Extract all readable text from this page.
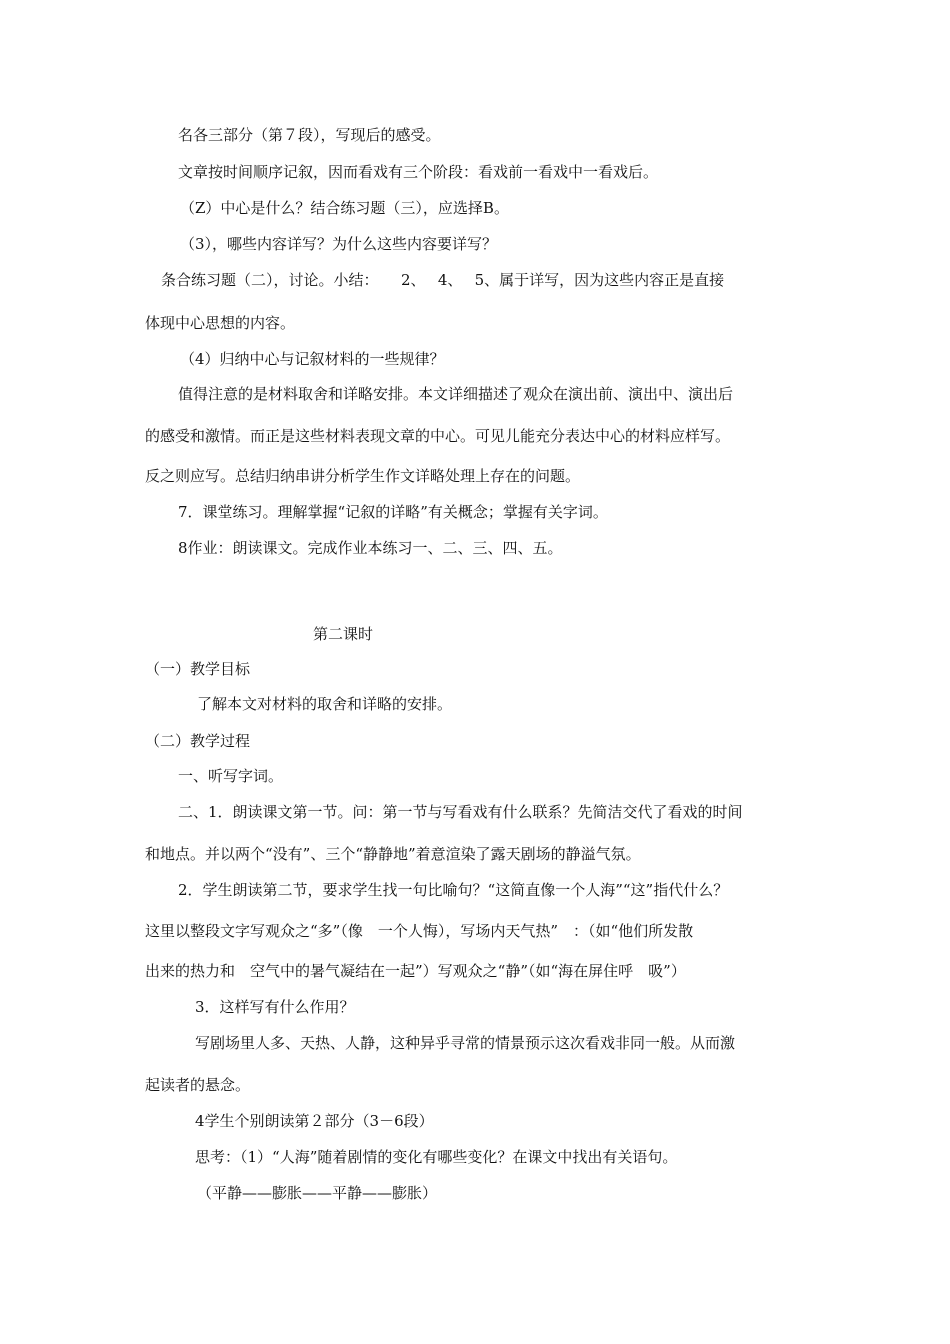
名各三部分（第７段），写现后的感受。
文章按时间顺序记叙，因而看戏有三个阶段：看戏前一看戏中一看戏后。
（Z）中心是什么？结合练习题（三），应选择B。
（3），哪些内容详写？为什么这些内容要详写？
条合练习题（二），讨论。小结：　　2、　 4、　 5、属于详写，因为这些内容正是直接
体现中心思想的内容。
（4）归纳中心与记叙材料的一些规律？
值得注意的是材料取舍和详略安排。本文详细描述了观众在演出前、演出中、演出后
的感受和激情。而正是这些材料表现文章的中心。可见儿能充分表达中心的材料应样写。
反之则应写。总结归纳串讲分析学生作文详略处理上存在的问题。
7．课堂练习。理解掌握“记叙的详略”有关概念；掌握有关字词。
8作业：朗读课文。完成作业本练习一、二、三、四、五。
第二课时
（一）教学目标
了解本文对材料的取舍和详略的安排。
（二）教学过程
一、听写字词。
二、1．朗读课文第一节。问：第一节与写看戏有什么联系？先简洁交代了看戏的时间
和地点。并以两个“没有”、三个“静静地”着意渲染了露天剧场的静溢气氛。
2．学生朗读第二节，要求学生找一句比喻句？“这简直像一个人海”“这”指代什么？
这里以整段文字写观众之“多”（像　一个人悔），写场内天气热”　：（如“他们所发散
出来的热力和　空气中的暑气凝结在一起”）写观众之“静”（如“海在屏住呼　吸”）
3．这样写有什么作用？
写剧场里人多、天热、人静，这种异乎寻常的情景预示这次看戏非同一般。从而激
起读者的悬念。
4学生个别朗读第２部分（3－6段）
思考：（1）“人海”随着剧情的变化有哪些变化？在课文中找出有关语句。
（平静——膨胀——平静——膨胀）
